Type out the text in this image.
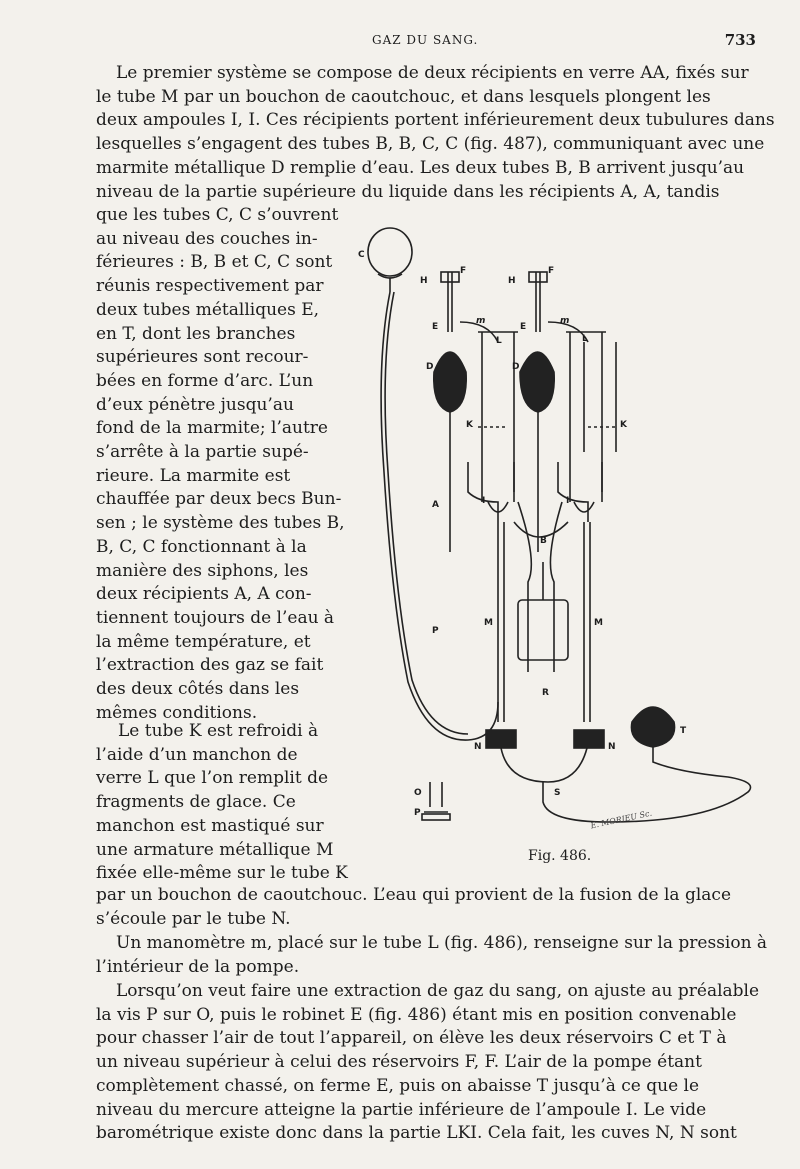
GAZ DU SANG.	733
Le premier système se compose de deux récipients en verre AA, fixés sur
le tube M par un bouchon de caoutchouc, et dans lesquels plongent les
deux ampoules I, I. Ces récipients portent inférieurement deux tubulures dans
lesquelles s’engagent des tubes B, B, C, C (fig. 487), communiquant avec une
marmite métallique D remplie d’eau. Les deux tubes B, B arrivent jusqu’au
niveau de la partie supérieure du liquide dans les récipients A, A, tandis
que les tubes C, C s’ouvrent
au niveau des couches in-
férieures : B, B et C, C sont
réunis respectivement par
deux tubes métalliques E,
en T, dont les branches
supérieures sont recour-
bées en forme d’arc. L’un
d’eux pénètre jusqu’au
fond de la marmite; l’autre
s’arrête à la partie supé-
rieure. La marmite est
chauffée par deux becs Bun-
sen ; le système des tubes B,
B, C, C fonctionnant à la
manière des siphons, les
deux récipients A, A con-
tiennent toujours de l’eau à
la même température, et
l’extraction des gaz se fait
des deux côtés dans les
mêmes conditions.
Le tube K est refroidi à
l’aide d’un manchon de
verre L que l’on remplit de
fragments de glace. Ce
manchon est mastiqué sur
une armature métallique M
fixée elle-même sur le tube K
par un bouchon de caoutchouc. L’eau qui provient de la fusion de la glace
s’écoule par le tube N.
Un manomètre m, placé sur le tube L (fig. 486), renseigne sur la pression à
l’intérieur de la pompe.
Lorsqu’on veut faire une extraction de gaz du sang, on ajuste au préalable
la vis P sur O, puis le robinet E (fig. 486) étant mis en position convenable
pour chasser l’air de tout l’appareil, on élève les deux réservoirs C et T à
un niveau supérieur à celui des réservoirs F, F. L’air de la pompe étant
complètement chassé, on ferme E, puis on abaisse T jusqu’à ce que le
niveau du mercure atteigne la partie inférieure de l’ampoule I. Le vide
barométrique existe donc dans la partie LKI. Cela fait, les cuves N, N sont
C
H
F
H
F
E
m
E
m
L	L
D	D
K	K
I	I
A
B
M	M
P
R
N	N
T
S
O
P	E. MORIEU Sc.
Fig. 486.
